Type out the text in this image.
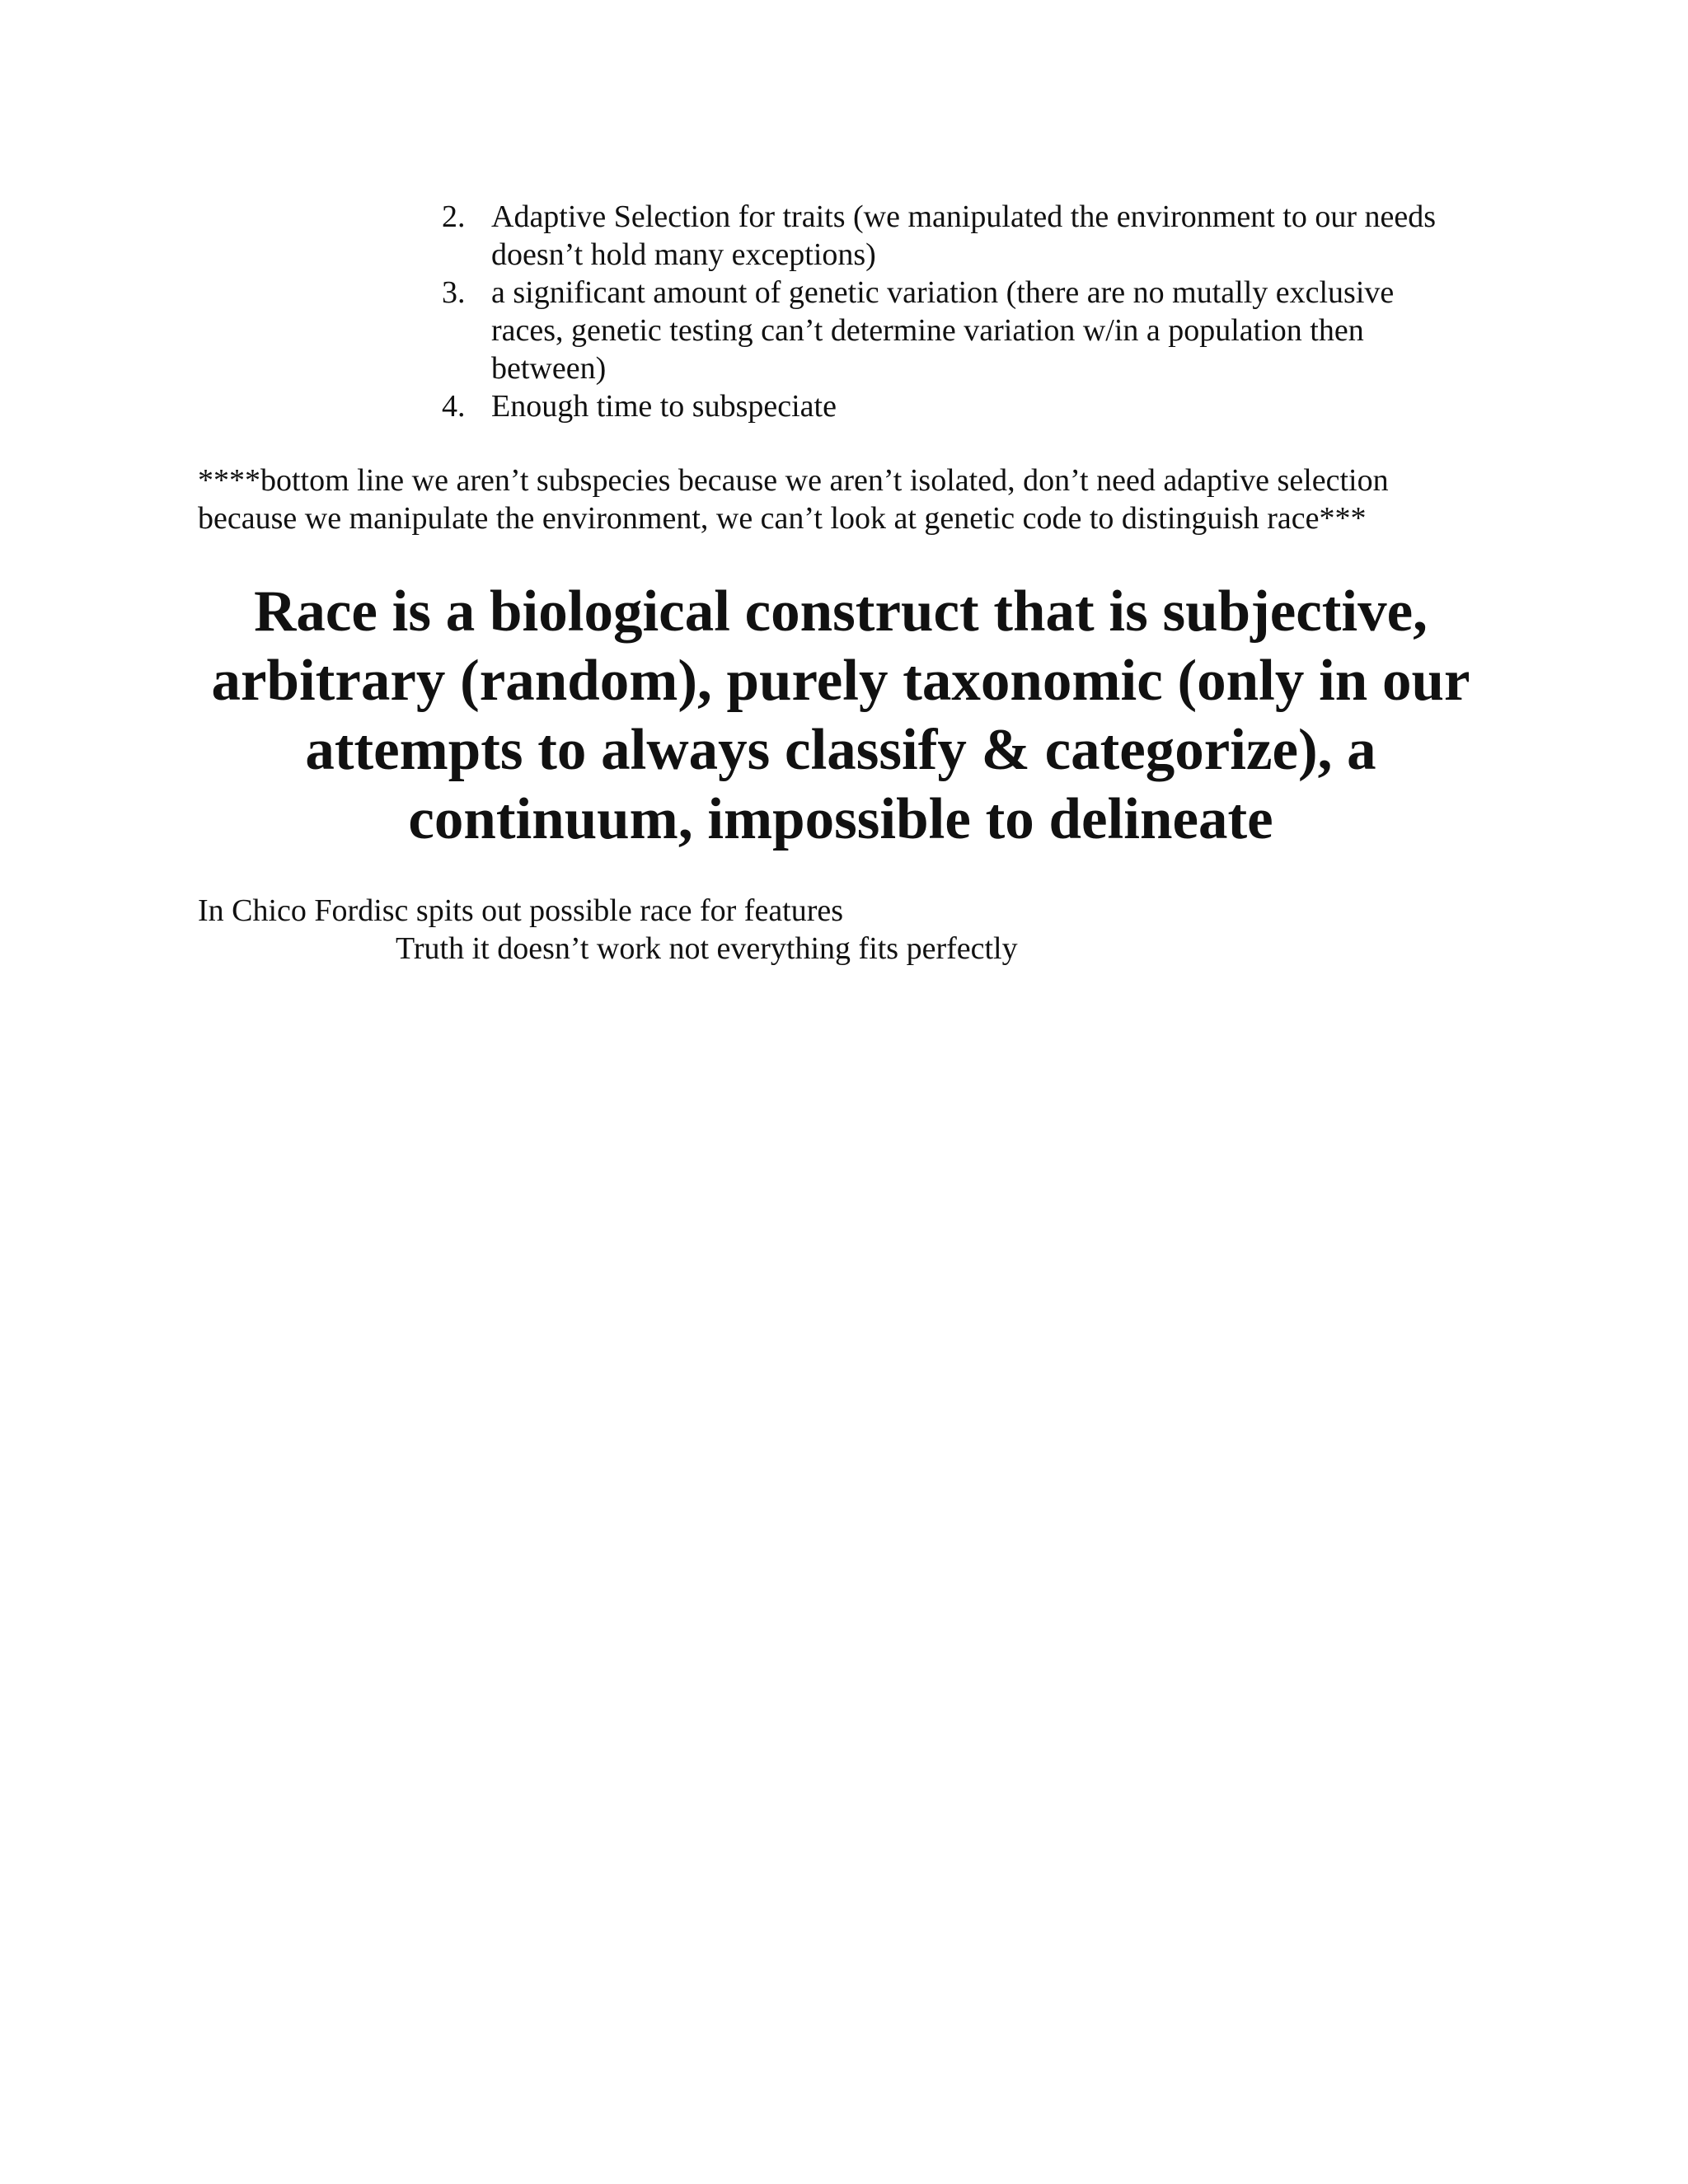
2. Adaptive Selection for traits (we manipulated the environment to our needs doesn’t hold many exceptions)
3. a significant amount of genetic variation (there are no mutally exclusive races, genetic testing can’t determine variation w/in a population then between)
4. Enough time to subspeciate

****bottom line we aren’t subspecies because we aren’t isolated, don’t need adaptive selection because we manipulate the environment, we can’t look at genetic code to distinguish race***

Race is a biological construct that is subjective, arbitrary (random), purely taxonomic (only in our attempts to always classify & categorize), a continuum, impossible to delineate

In Chico Fordisc spits out possible race for features

Truth it doesn’t work not everything fits perfectly
